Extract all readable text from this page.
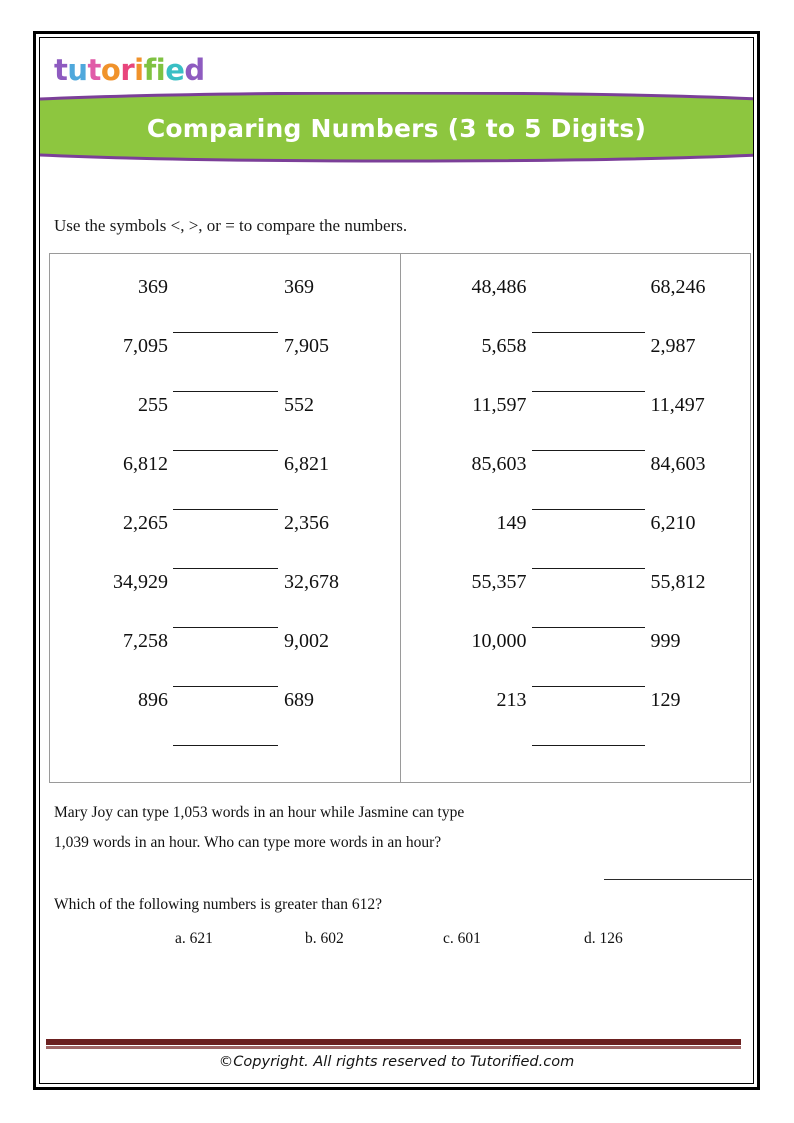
tutorified
Comparing Numbers (3 to 5 Digits)
Use the symbols <, >, or = to compare the numbers.
369	369
7,095	7,905
255	552
6,812	6,821
2,265	2,356
34,929	32,678
7,258	9,002
896	689
48,486	68,246
5,658	2,987
11,597	11,497
85,603	84,603
149	6,210
55,357	55,812
10,000	999
213	129
Mary Joy can type 1,053 words in an hour while Jasmine can type
1,039 words in an hour. Who can type more words in an hour?
Which of the following numbers is greater than 612?
a. 621	b. 602	c. 601	d. 126
©Copyright. All rights reserved to Tutorified.com
